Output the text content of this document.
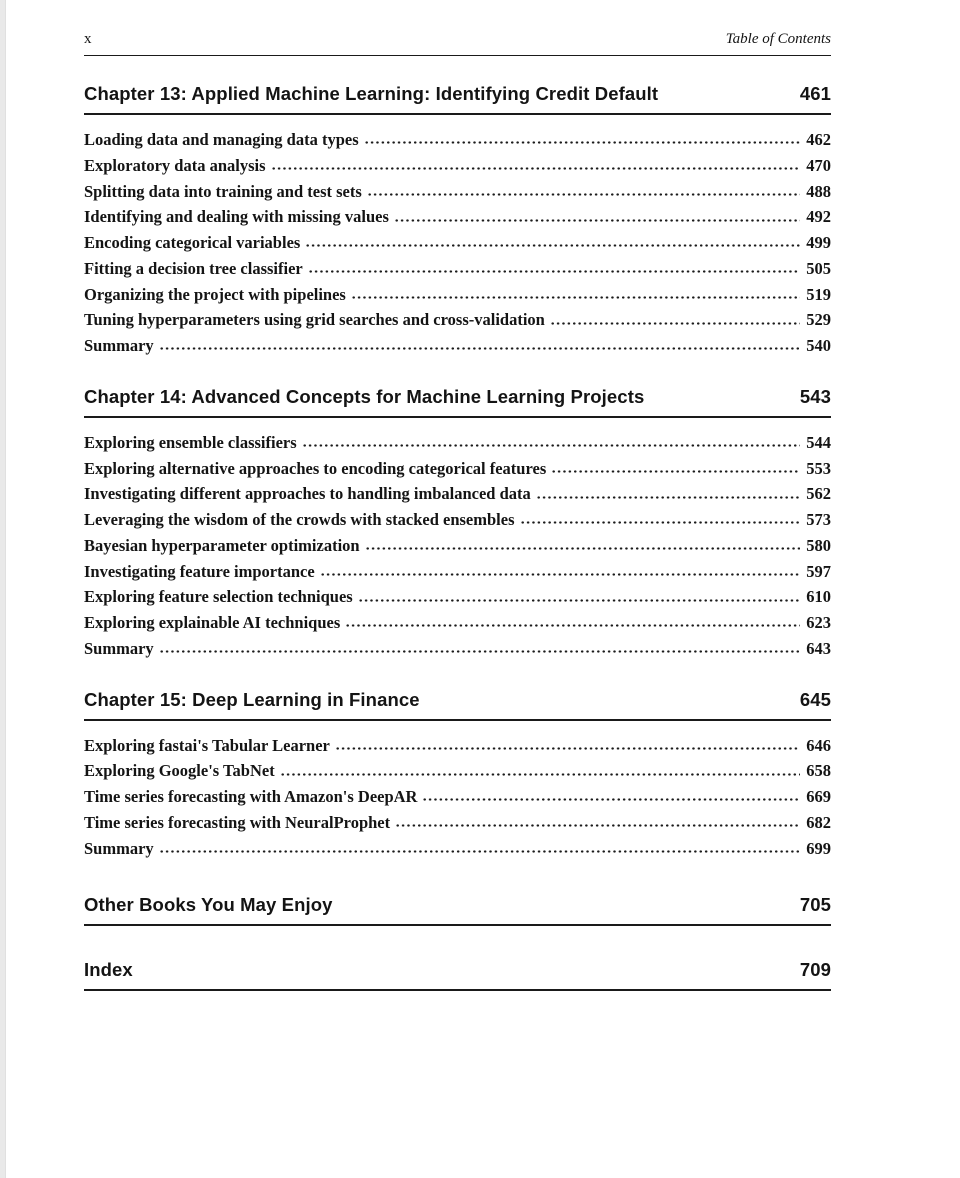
x	Table of Contents
Chapter 13: Applied Machine Learning: Identifying Credit Default	461
Loading data and managing data types	462
Exploratory data analysis	470
Splitting data into training and test sets	488
Identifying and dealing with missing values	492
Encoding categorical variables	499
Fitting a decision tree classifier	505
Organizing the project with pipelines	519
Tuning hyperparameters using grid searches and cross-validation	529
Summary	540
Chapter 14: Advanced Concepts for Machine Learning Projects	543
Exploring ensemble classifiers	544
Exploring alternative approaches to encoding categorical features	553
Investigating different approaches to handling imbalanced data	562
Leveraging the wisdom of the crowds with stacked ensembles	573
Bayesian hyperparameter optimization	580
Investigating feature importance	597
Exploring feature selection techniques	610
Exploring explainable AI techniques	623
Summary	643
Chapter 15: Deep Learning in Finance	645
Exploring fastai's Tabular Learner	646
Exploring Google's TabNet	658
Time series forecasting with Amazon's DeepAR	669
Time series forecasting with NeuralProphet	682
Summary	699
Other Books You May Enjoy	705
Index	709
